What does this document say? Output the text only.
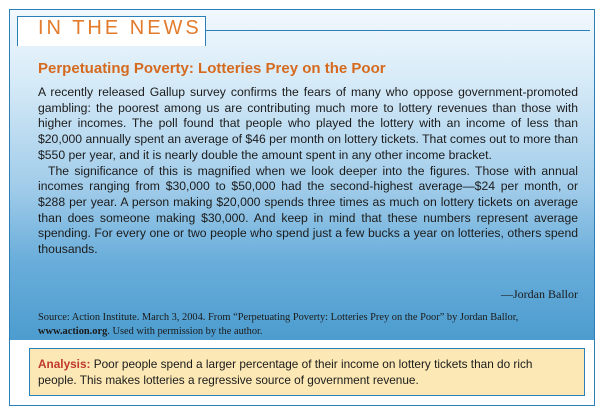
IN THE NEWS
Perpetuating Poverty: Lotteries Prey on the Poor

A recently released Gallup survey confirms the fears of many who oppose government-promoted gambling: the poorest among us are contributing much more to lottery revenues than those with higher incomes. The poll found that people who played the lottery with an income of less than $20,000 annually spent an average of $46 per month on lottery tickets. That comes out to more than $550 per year, and it is nearly double the amount spent in any other income bracket.

The significance of this is magnified when we look deeper into the figures. Those with annual incomes ranging from $30,000 to $50,000 had the second-highest average—$24 per month, or $288 per year. A person making $20,000 spends three times as much on lottery tickets on average than does someone making $30,000. And keep in mind that these numbers represent average spending. For every one or two people who spend just a few bucks a year on lotteries, others spend thousands.

—Jordan Ballor
Source: Action Institute. March 3, 2004. From “Perpetuating Poverty: Lotteries Prey on the Poor” by Jordan Ballor, www.action.org. Used with permission by the author.
Analysis: Poor people spend a larger percentage of their income on lottery tickets than do rich people. This makes lotteries a regressive source of government revenue.
